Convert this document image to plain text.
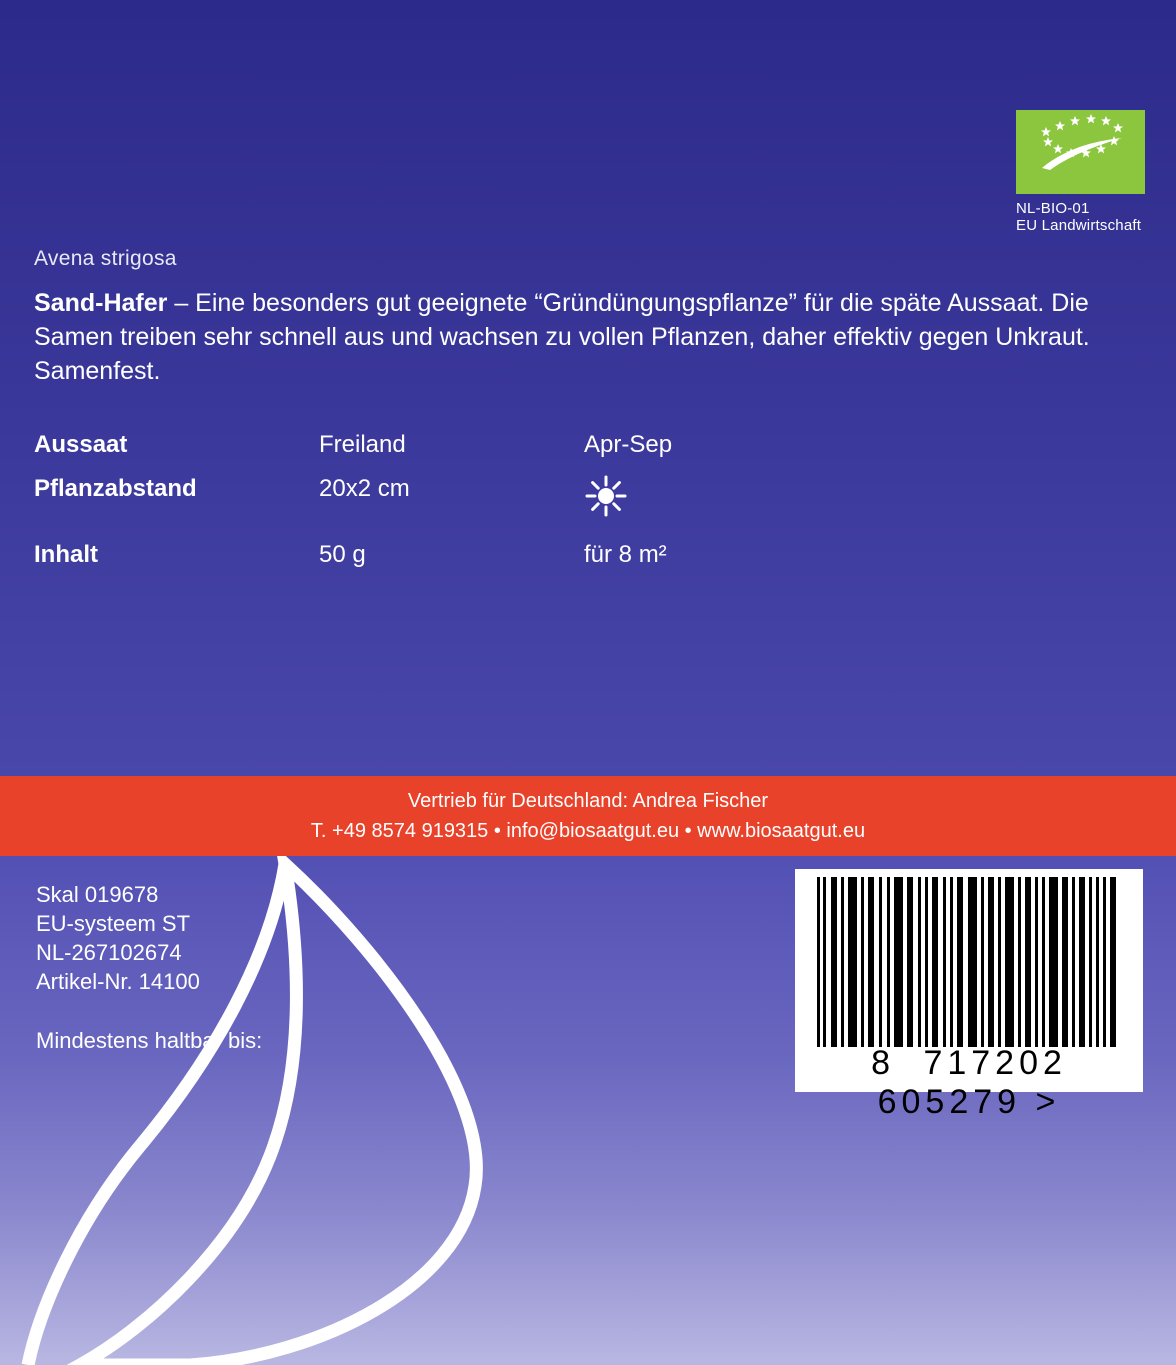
NL-BIO-01
EU Landwirtschaft
Avena strigosa
Sand-Hafer – Eine besonders gut geeignete “Gründüngungspflanze” für die späte Aussaat. Die Samen treiben sehr schnell aus und wachsen zu vollen Pflanzen, daher effektiv gegen Unkraut. Samenfest.
Aussaat	Freiland	Apr-Sep
Pflanzabstand	20x2 cm	
Inhalt	50 g	für 8 m²
Vertrieb für Deutschland: Andrea Fischer
T. +49 8574 919315 • info@biosaatgut.eu • www.biosaatgut.eu
Skal 019678
EU-systeem ST
NL-267102674
Artikel-Nr. 14100
Mindestens haltbar bis:
8 717202 605279 >
